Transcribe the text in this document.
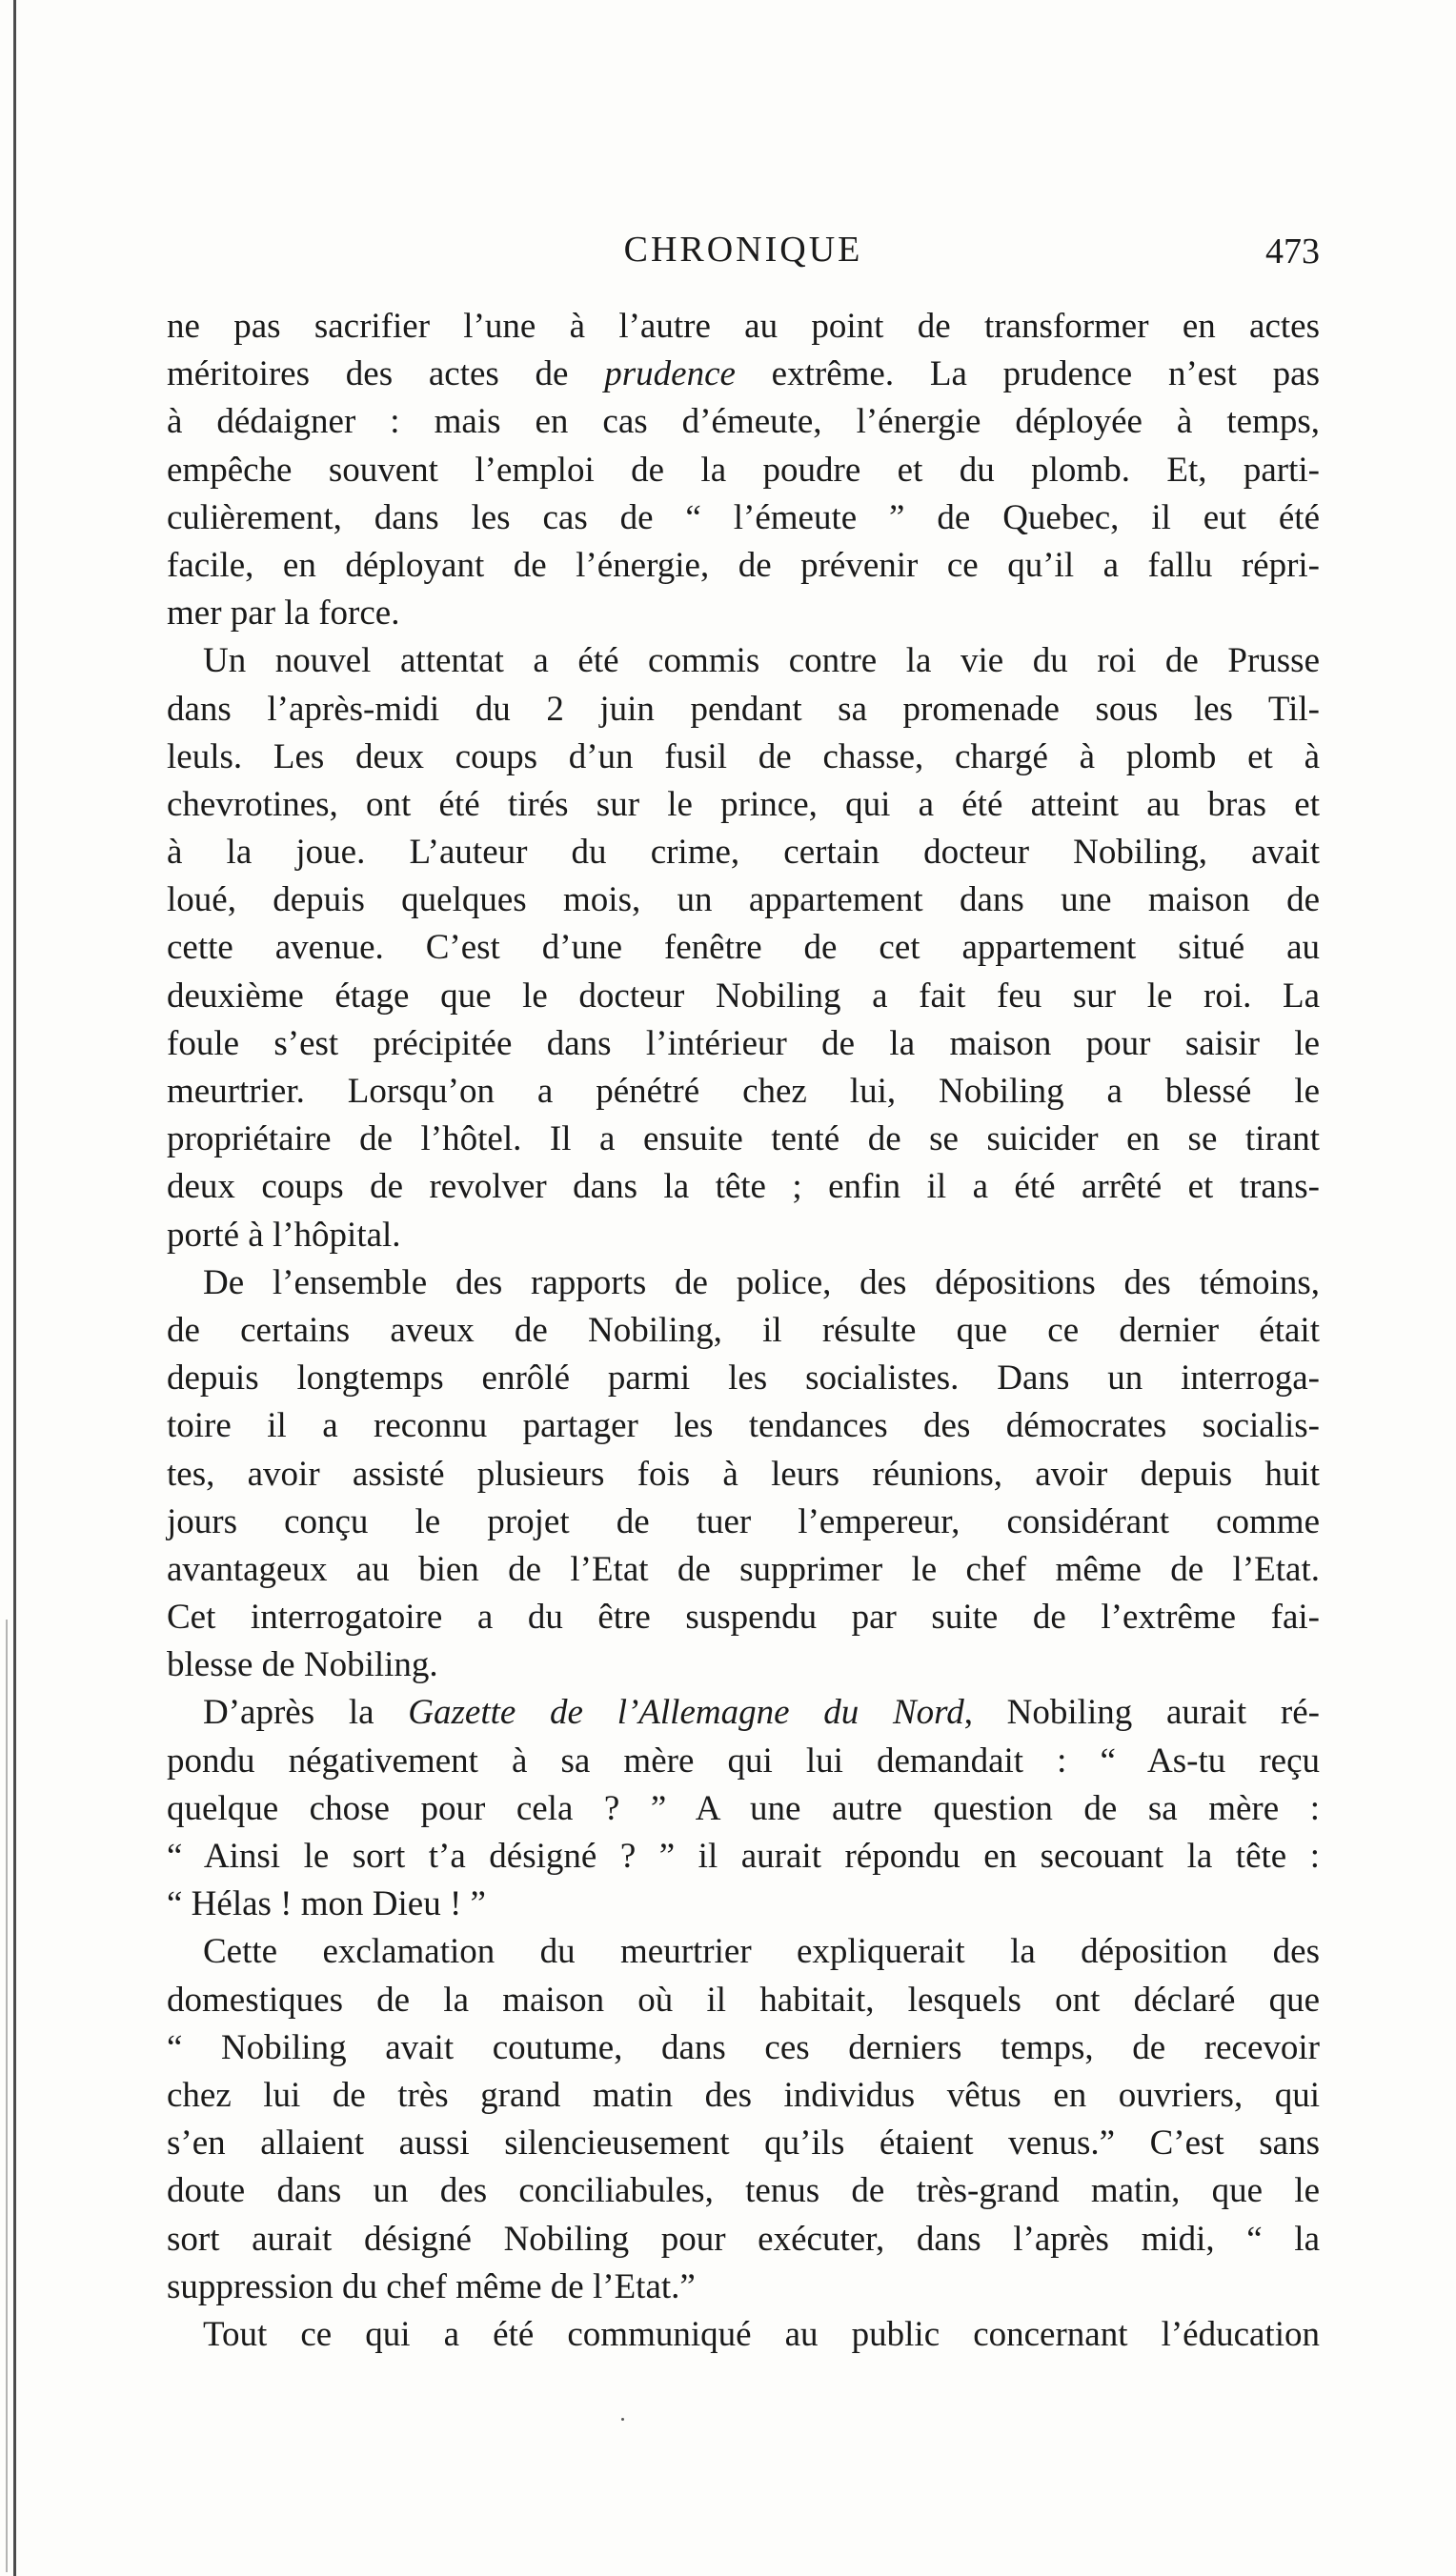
CHRONIQUE	473

ne pas sacrifier l’une à l’autre au point de transformer en actes
méritoires des actes de prudence extrême. La prudence n’est pas
à dédaigner : mais en cas d’émeute, l’énergie déployée à temps,
empêche souvent l’emploi de la poudre et du plomb. Et, parti-
culièrement, dans les cas de “ l’émeute ” de Quebec, il eut été
facile, en déployant de l’énergie, de prévenir ce qu’il a fallu répri-
mer par la force.

Un nouvel attentat a été commis contre la vie du roi de Prusse
dans l’après-midi du 2 juin pendant sa promenade sous les Til-
leuls. Les deux coups d’un fusil de chasse, chargé à plomb et à
chevrotines, ont été tirés sur le prince, qui a été atteint au bras et
à la joue. L’auteur du crime, certain docteur Nobiling, avait
loué, depuis quelques mois, un appartement dans une maison de
cette avenue. C’est d’une fenêtre de cet appartement situé au
deuxième étage que le docteur Nobiling a fait feu sur le roi. La
foule s’est précipitée dans l’intérieur de la maison pour saisir le
meurtrier. Lorsqu’on a pénétré chez lui, Nobiling a blessé le
propriétaire de l’hôtel. Il a ensuite tenté de se suicider en se tirant
deux coups de revolver dans la tête ; enfin il a été arrêté et trans-
porté à l’hôpital.

De l’ensemble des rapports de police, des dépositions des témoins,
de certains aveux de Nobiling, il résulte que ce dernier était
depuis longtemps enrôlé parmi les socialistes. Dans un interroga-
toire il a reconnu partager les tendances des démocrates socialis-
tes, avoir assisté plusieurs fois à leurs réunions, avoir depuis huit
jours conçu le projet de tuer l’empereur, considérant comme
avantageux au bien de l’Etat de supprimer le chef même de l’Etat.
Cet interrogatoire a du être suspendu par suite de l’extrême fai-
blesse de Nobiling.

D’après la Gazette de l’Allemagne du Nord, Nobiling aurait ré-
pondu négativement à sa mère qui lui demandait : “ As-tu reçu
quelque chose pour cela ? ” A une autre question de sa mère :
“ Ainsi le sort t’a désigné ? ” il aurait répondu en secouant la tête :
“ Hélas ! mon Dieu ! ”

Cette exclamation du meurtrier expliquerait la déposition des
domestiques de la maison où il habitait, lesquels ont déclaré que
“ Nobiling avait coutume, dans ces derniers temps, de recevoir
chez lui de très grand matin des individus vêtus en ouvriers, qui
s’en allaient aussi silencieusement qu’ils étaient venus.” C’est sans
doute dans un des conciliabules, tenus de très-grand matin, que le
sort aurait désigné Nobiling pour exécuter, dans l’après midi, “ la
suppression du chef même de l’Etat.”

Tout ce qui a été communiqué au public concernant l’éducation
